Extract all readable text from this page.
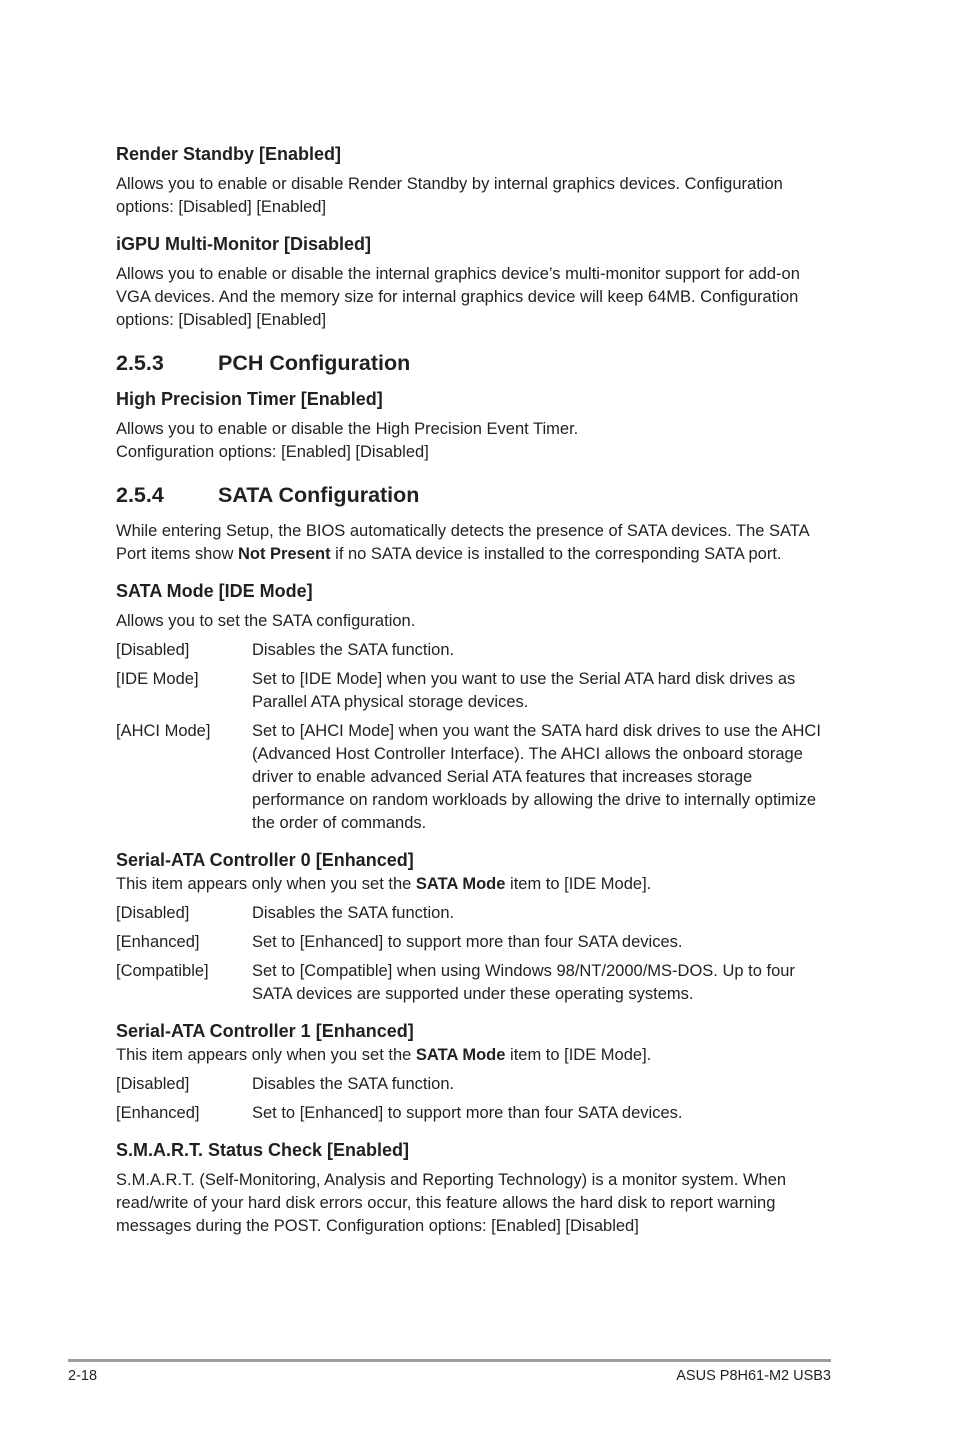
Render Standby [Enabled]
Allows you to enable or disable Render Standby by internal graphics devices. Configuration options: [Disabled] [Enabled]
iGPU Multi-Monitor [Disabled]
Allows you to enable or disable the internal graphics device’s multi-monitor support for add-on VGA devices. And the memory size for internal graphics device will keep 64MB. Configuration options: [Disabled] [Enabled]
2.5.3	PCH Configuration
High Precision Timer [Enabled]
Allows you to enable or disable the High Precision Event Timer.
Configuration options: [Enabled] [Disabled]
2.5.4	SATA Configuration
While entering Setup, the BIOS automatically detects the presence of SATA devices. The SATA Port items show Not Present if no SATA device is installed to the corresponding SATA port.
SATA Mode [IDE Mode]
Allows you to set the SATA configuration.
[Disabled]	Disables the SATA function.
[IDE Mode]	Set to [IDE Mode] when you want to use the Serial ATA hard disk drives as Parallel ATA physical storage devices.
[AHCI Mode]	Set to [AHCI Mode] when you want the SATA hard disk drives to use the AHCI (Advanced Host Controller Interface). The AHCI allows the onboard storage driver to enable advanced Serial ATA features that increases storage performance on random workloads by allowing the drive to internally optimize the order of commands.
Serial-ATA Controller 0 [Enhanced]
This item appears only when you set the SATA Mode item to [IDE Mode].
[Disabled]	Disables the SATA function.
[Enhanced]	Set to [Enhanced] to support more than four SATA devices.
[Compatible]	Set to [Compatible] when using Windows 98/NT/2000/MS-DOS. Up to four SATA devices are supported under these operating systems.
Serial-ATA Controller 1 [Enhanced]
This item appears only when you set the SATA Mode item to [IDE Mode].
[Disabled]	Disables the SATA function.
[Enhanced]	Set to [Enhanced] to support more than four SATA devices.
S.M.A.R.T. Status Check [Enabled]
S.M.A.R.T. (Self-Monitoring, Analysis and Reporting Technology) is a monitor system. When read/write of your hard disk errors occur, this feature allows the hard disk to report warning messages during the POST. Configuration options: [Enabled] [Disabled]
2-18	ASUS P8H61-M2 USB3
